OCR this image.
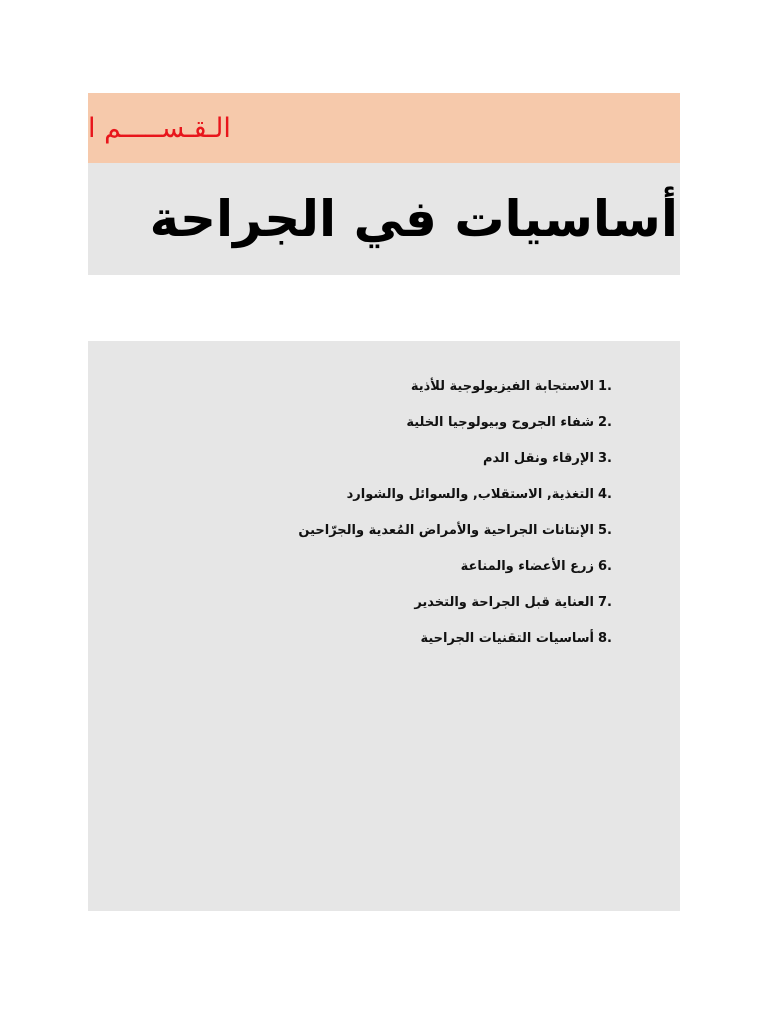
الـقـســـــم ا
أساسيات في الجراحة
1.
الاستجابة الفيزيولوجية للأذية
2.
شفاء الجروح وبيولوجيا الخلية
3.
الإرقاء ونقل الدم
4.
التغذية, الاستقلاب, والسوائل والشوارد
5.
الإنتانات الجراحية والأمراض المُعدية والجرّاحين
6.
زرع الأعضاء والمناعة
7.
العناية قبل الجراحة والتخدير
8.
أساسيات التقنيات الجراحية
